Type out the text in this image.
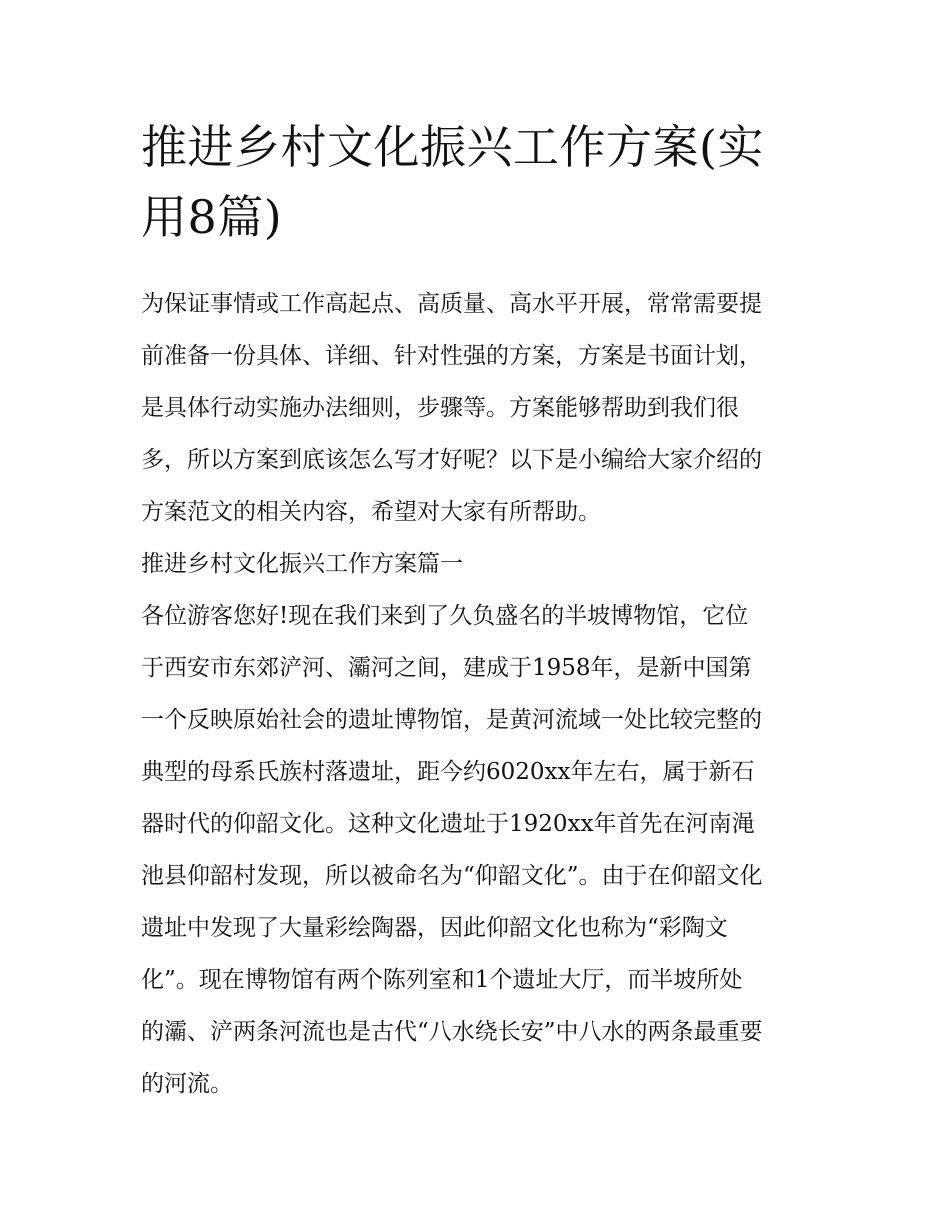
推进乡村文化振兴工作方案(实
用8篇)

为保证事情或工作高起点、高质量、高水平开展，常常需要提
前准备一份具体、详细、针对性强的方案，方案是书面计划，
是具体行动实施办法细则，步骤等。方案能够帮助到我们很
多，所以方案到底该怎么写才好呢？以下是小编给大家介绍的
方案范文的相关内容，希望对大家有所帮助。

推进乡村文化振兴工作方案篇一

各位游客您好!现在我们来到了久负盛名的半坡博物馆，它位
于西安市东郊浐河、灞河之间，建成于1958年，是新中国第
一个反映原始社会的遗址博物馆，是黄河流域一处比较完整的
典型的母系氏族村落遗址，距今约6020xx年左右，属于新石
器时代的仰韶文化。这种文化遗址于1920xx年首先在河南渑
池县仰韶村发现，所以被命名为“仰韶文化”。由于在仰韶文化
遗址中发现了大量彩绘陶器，因此仰韶文化也称为“彩陶文
化”。现在博物馆有两个陈列室和1个遗址大厅，而半坡所处
的灞、浐两条河流也是古代“八水绕长安”中八水的两条最重要
的河流。
